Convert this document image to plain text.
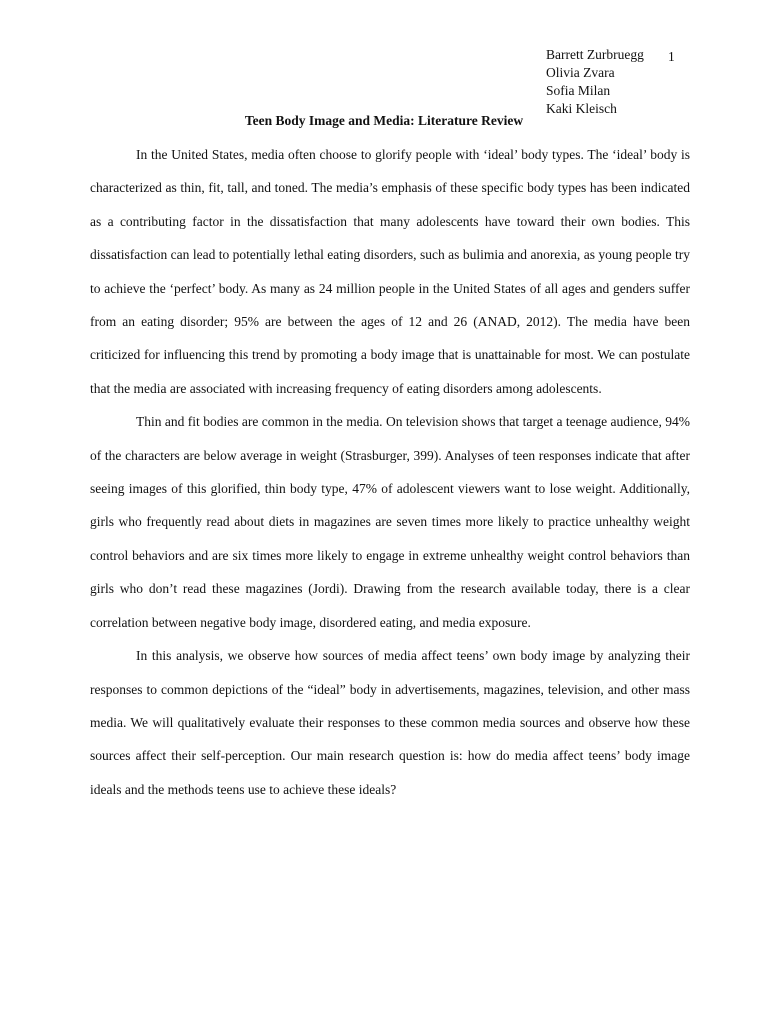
Barrett Zurbruegg
Olivia Zvara
Sofia Milan
Kaki Kleisch
1
Teen Body Image and Media: Literature Review

In the United States, media often choose to glorify people with ‘ideal’ body types. The ‘ideal’ body is characterized as thin, fit, tall, and toned. The media’s emphasis of these specific body types has been indicated as a contributing factor in the dissatisfaction that many adolescents have toward their own bodies. This dissatisfaction can lead to potentially lethal eating disorders, such as bulimia and anorexia, as young people try to achieve the ‘perfect’ body. As many as 24 million people in the United States of all ages and genders suffer from an eating disorder; 95% are between the ages of 12 and 26 (ANAD, 2012). The media have been criticized for influencing this trend by promoting a body image that is unattainable for most. We can postulate that the media are associated with increasing frequency of eating disorders among adolescents.

Thin and fit bodies are common in the media. On television shows that target a teenage audience, 94% of the characters are below average in weight (Strasburger, 399). Analyses of teen responses indicate that after seeing images of this glorified, thin body type, 47% of adolescent viewers want to lose weight. Additionally, girls who frequently read about diets in magazines are seven times more likely to practice unhealthy weight control behaviors and are six times more likely to engage in extreme unhealthy weight control behaviors than girls who don’t read these magazines (Jordi). Drawing from the research available today, there is a clear correlation between negative body image, disordered eating, and media exposure.

In this analysis, we observe how sources of media affect teens’ own body image by analyzing their responses to common depictions of the “ideal” body in advertisements, magazines, television, and other mass media. We will qualitatively evaluate their responses to these common media sources and observe how these sources affect their self-perception. Our main research question is: how do media affect teens’ body image ideals and the methods teens use to achieve these ideals?
